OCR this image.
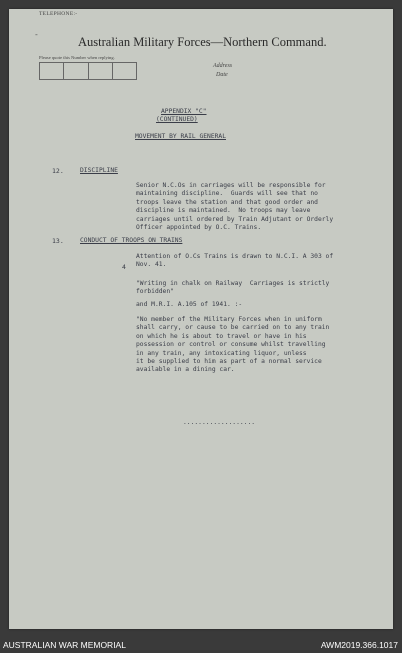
TELEPHONE:-
-
Australian Military Forces—Northern Command.
Please quote this Number when replying.
Address
Date
APPENDIX "C"
(CONTINUED)
MOVEMENT BY RAIL GENERAL
12.	DISCIPLINE
Senior N.C.Os in carriages will be responsible for
maintaining discipline.  Guards will see that no
troops leave the station and that good order and
discipline is maintained.  No troops may leave
carriages until ordered by Train Adjutant or Orderly
Officer appointed by O.C. Trains.
13.	CONDUCT OF TROOPS ON TRAINS
Attention of O.Cs Trains is drawn to N.C.I. A 303 of
Nov. 41.
4
"Writing in chalk on Railway  Carriages is strictly
forbidden"
and M.R.I. A.105 of 1941. :-
"No member of the Military Forces when in uniform
shall carry, or cause to be carried on to any train
on which he is about to travel or have in his
possession or control or consume whilst travelling
in any train, any intoxicating liquor, unless
it be supplied to him as part of a normal service
available in a dining car.
...................
AUSTRALIAN WAR MEMORIAL	AWM2019.366.1017
